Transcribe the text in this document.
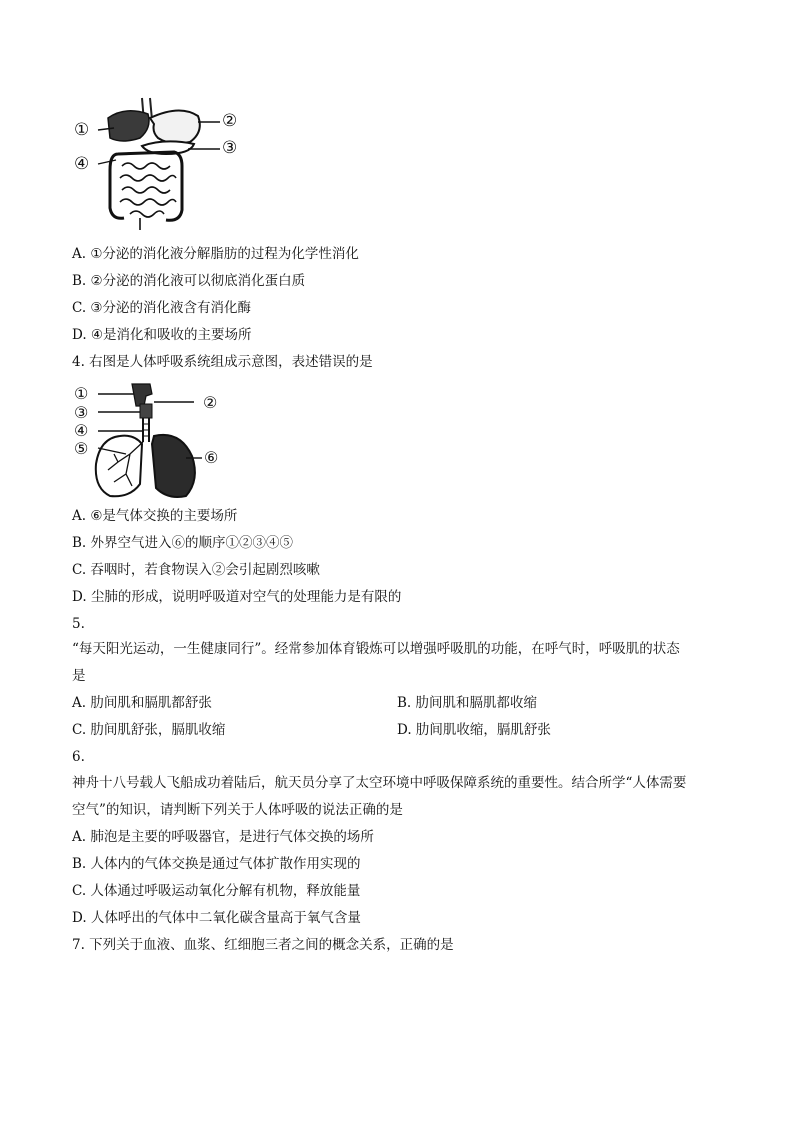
①	②
③
④
A. ①分泌的消化液分解脂肪的过程为化学性消化
B. ②分泌的消化液可以彻底消化蛋白质
C. ③分泌的消化液含有消化酶
D. ④是消化和吸收的主要场所
4. 右图是人体呼吸系统组成示意图，表述错误的是
①	②
③
④
⑤	⑥
A. ⑥是气体交换的主要场所
B. 外界空气进入⑥的顺序①②③④⑤
C. 吞咽时，若食物误入②会引起剧烈咳嗽
D. 尘肺的形成，说明呼吸道对空气的处理能力是有限的
5.
“每天阳光运动，一生健康同行”。经常参加体育锻炼可以增强呼吸肌的功能，在呼气时，呼吸肌的状态
是
A. 肋间肌和膈肌都舒张	B. 肋间肌和膈肌都收缩
C. 肋间肌舒张，膈肌收缩	D. 肋间肌收缩，膈肌舒张
6.
神舟十八号载人飞船成功着陆后，航天员分享了太空环境中呼吸保障系统的重要性。结合所学“人体需要
空气”的知识，请判断下列关于人体呼吸的说法正确的是
A. 肺泡是主要的呼吸器官，是进行气体交换的场所
B. 人体内的气体交换是通过气体扩散作用实现的
C. 人体通过呼吸运动氧化分解有机物，释放能量
D. 人体呼出的气体中二氧化碳含量高于氧气含量
7. 下列关于血液、血浆、红细胞三者之间的概念关系，正确的是
